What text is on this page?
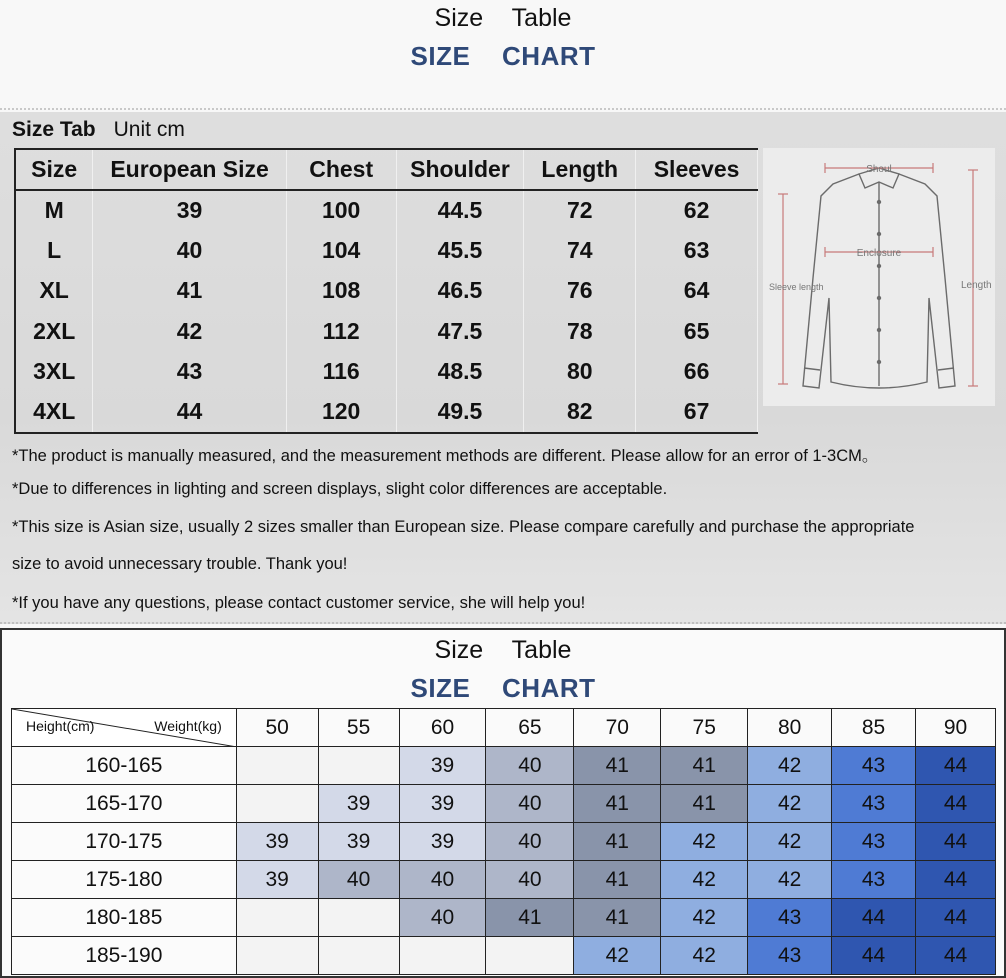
Size Table
SIZE CHART
Size Tab Unit cm
Size	European Size	Chest	Shoulder	Length	Sleeves
M	39	100	44.5	72	62
L	40	104	45.5	74	63
XL	41	108	46.5	76	64
2XL	42	112	47.5	78	65
3XL	43	116	48.5	80	66
4XL	44	120	49.5	82	67
Shoul
Enclosure
Sleeve length	Length
*The product is manually measured, and the measurement methods are different. Please allow for an error of 1-3CM。
*Due to differences in lighting and screen displays, slight color differences are acceptable.
*This size is Asian size, usually 2 sizes smaller than European size. Please compare carefully and purchase the appropriate
size to avoid unnecessary trouble. Thank you!
*If you have any questions, please contact customer service, she will help you!
Size Table
SIZE CHART
Height(cm) Weight(kg)	50	55	60	65	70	75	80	85	90
160-165			39	40	41	41	42	43	44
165-170		39	39	40	41	41	42	43	44
170-175	39	39	39	40	41	42	42	43	44
175-180	39	40	40	40	41	42	42	43	44
180-185			40	41	41	42	43	44	44
185-190					42	42	43	44	44
